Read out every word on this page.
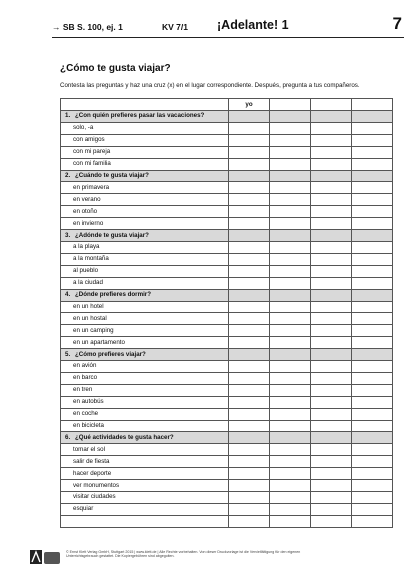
→ SB S. 100, ej. 1	KV 7/1 ¡Adelante! 1	7
¿Cómo te gusta viajar?
Contesta las preguntas y haz una cruz (x) en el lugar correspondiente. Después, pregunta a tus compañeros.
	yo			
1. ¿Con quién prefieres pasar las vacaciones?				
solo, -a				
con amigos				
con mi pareja				
con mi familia				
2. ¿Cuándo te gusta viajar?				
en primavera				
en verano				
en otoño				
en invierno				
3. ¿Adónde te gusta viajar?				
a la playa				
a la montaña				
al pueblo				
a la ciudad				
4. ¿Dónde prefieres dormir?				
en un hotel				
en un hostal				
en un camping				
en un apartamento				
5. ¿Cómo prefieres viajar?				
en avión				
en barco				
en tren				
en autobús				
en coche				
en bicicleta				
6. ¿Qué actividades te gusta hacer?				
tomar el sol				
salir de fiesta				
hacer deporte				
ver monumentos				
visitar ciudades				
esquiar				

© Ernst Klett Verlag GmbH, Stuttgart 2015 | www.klett.de | Alle Rechte vorbehalten. Von dieser Druckvorlage ist die Vervielfältigung für den eigenen
Unterrichtsgebrauch gestattet. Die Kopiergebühren sind abgegolten.
